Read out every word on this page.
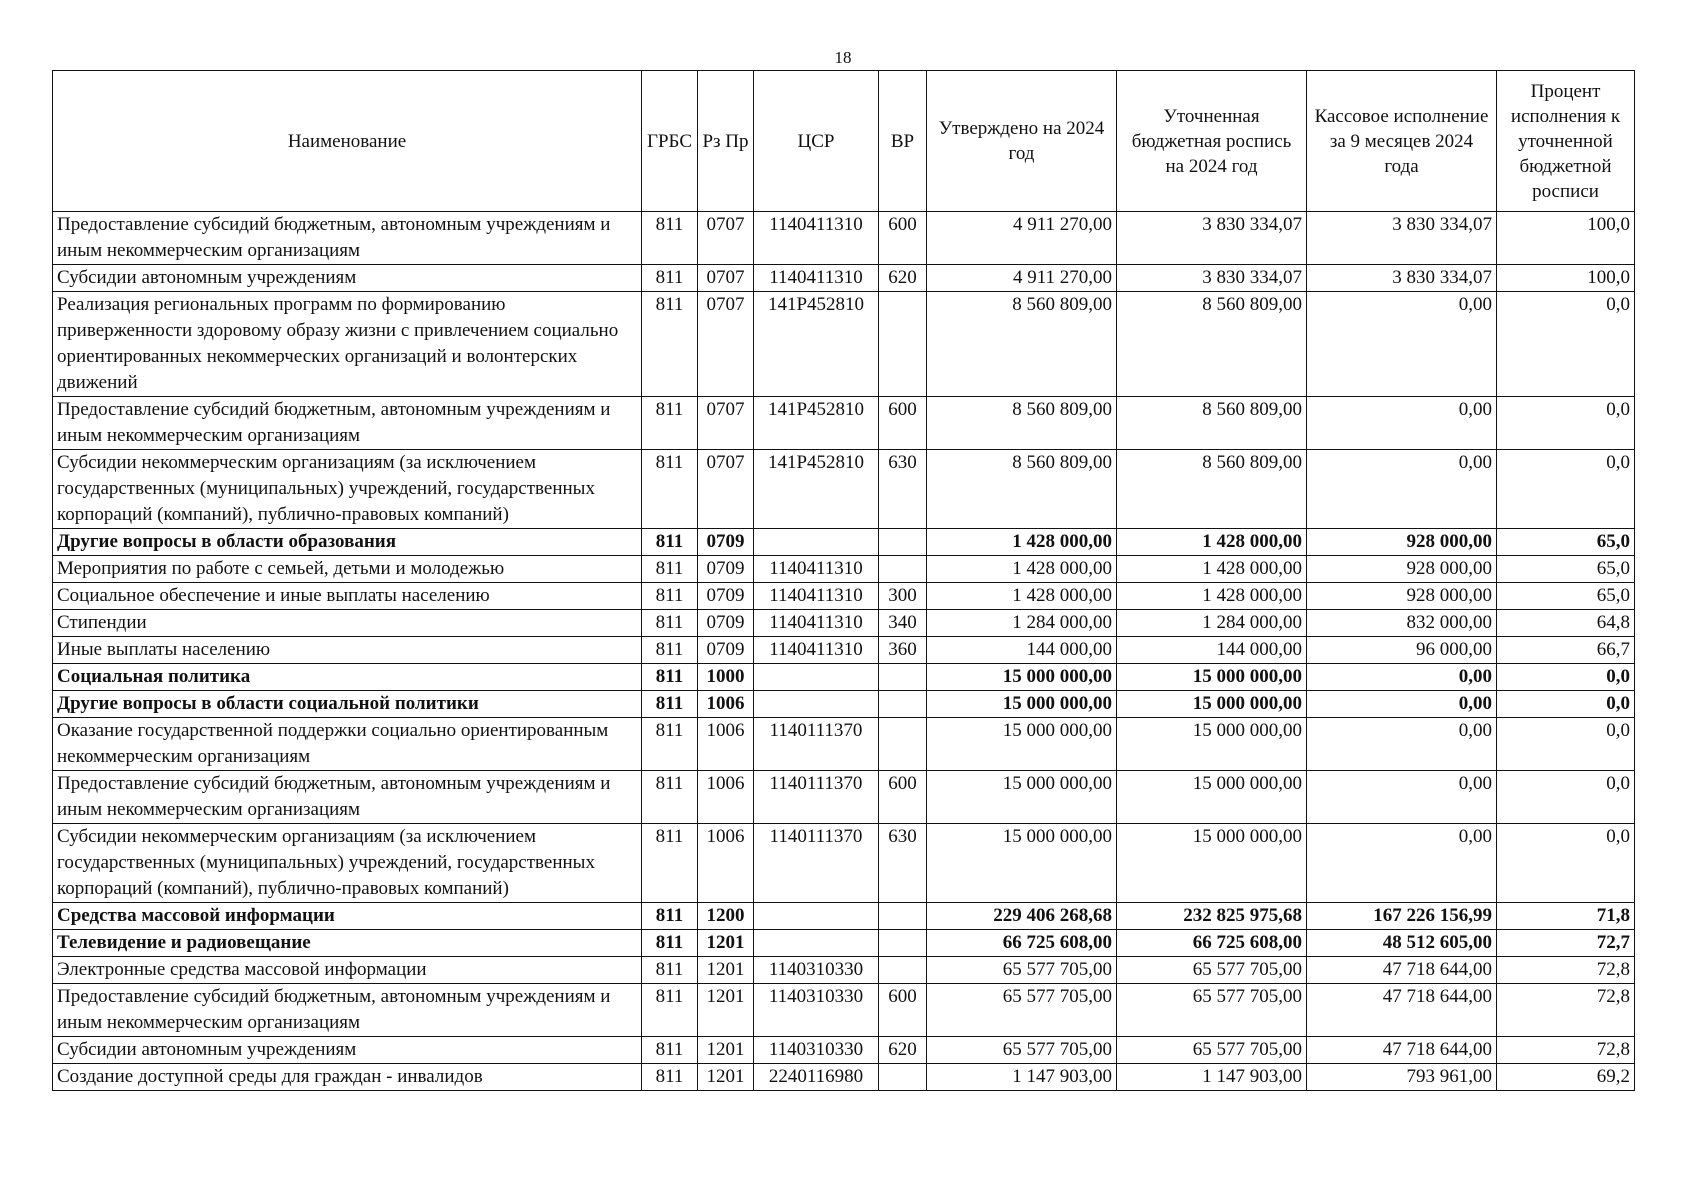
18
Наименование	ГРБС	Рз Пр	ЦСР	ВР	Утверждено на 2024 год	Уточненная бюджетная роспись на 2024 год	Кассовое исполнение за 9 месяцев 2024 года	Процент исполнения к уточненной бюджетной росписи
Предоставление субсидий бюджетным, автономным учреждениям и иным некоммерческим организациям	811	0707	1140411310	600	4 911 270,00	3 830 334,07	3 830 334,07	100,0
Субсидии автономным учреждениям	811	0707	1140411310	620	4 911 270,00	3 830 334,07	3 830 334,07	100,0
Реализация региональных программ по формированию приверженности здоровому образу жизни с привлечением социально ориентированных некоммерческих организаций и волонтерских движений	811	0707	141P452810		8 560 809,00	8 560 809,00	0,00	0,0
Предоставление субсидий бюджетным, автономным учреждениям и иным некоммерческим организациям	811	0707	141P452810	600	8 560 809,00	8 560 809,00	0,00	0,0
Субсидии некоммерческим организациям (за исключением государственных (муниципальных) учреждений, государственных корпораций (компаний), публично-правовых компаний)	811	0707	141P452810	630	8 560 809,00	8 560 809,00	0,00	0,0
Другие вопросы в области образования	811	0709			1 428 000,00	1 428 000,00	928 000,00	65,0
Мероприятия по работе с семьей, детьми и молодежью	811	0709	1140411310		1 428 000,00	1 428 000,00	928 000,00	65,0
Социальное обеспечение и иные выплаты населению	811	0709	1140411310	300	1 428 000,00	1 428 000,00	928 000,00	65,0
Стипендии	811	0709	1140411310	340	1 284 000,00	1 284 000,00	832 000,00	64,8
Иные выплаты населению	811	0709	1140411310	360	144 000,00	144 000,00	96 000,00	66,7
Социальная политика	811	1000			15 000 000,00	15 000 000,00	0,00	0,0
Другие вопросы в области социальной политики	811	1006			15 000 000,00	15 000 000,00	0,00	0,0
Оказание государственной поддержки социально ориентированным некоммерческим организациям	811	1006	1140111370		15 000 000,00	15 000 000,00	0,00	0,0
Предоставление субсидий бюджетным, автономным учреждениям и иным некоммерческим организациям	811	1006	1140111370	600	15 000 000,00	15 000 000,00	0,00	0,0
Субсидии некоммерческим организациям (за исключением государственных (муниципальных) учреждений, государственных корпораций (компаний), публично-правовых компаний)	811	1006	1140111370	630	15 000 000,00	15 000 000,00	0,00	0,0
Средства массовой информации	811	1200			229 406 268,68	232 825 975,68	167 226 156,99	71,8
Телевидение и радиовещание	811	1201			66 725 608,00	66 725 608,00	48 512 605,00	72,7
Электронные средства массовой информации	811	1201	1140310330		65 577 705,00	65 577 705,00	47 718 644,00	72,8
Предоставление субсидий бюджетным, автономным учреждениям и иным некоммерческим организациям	811	1201	1140310330	600	65 577 705,00	65 577 705,00	47 718 644,00	72,8
Субсидии автономным учреждениям	811	1201	1140310330	620	65 577 705,00	65 577 705,00	47 718 644,00	72,8
Создание доступной среды для граждан - инвалидов	811	1201	2240116980		1 147 903,00	1 147 903,00	793 961,00	69,2
